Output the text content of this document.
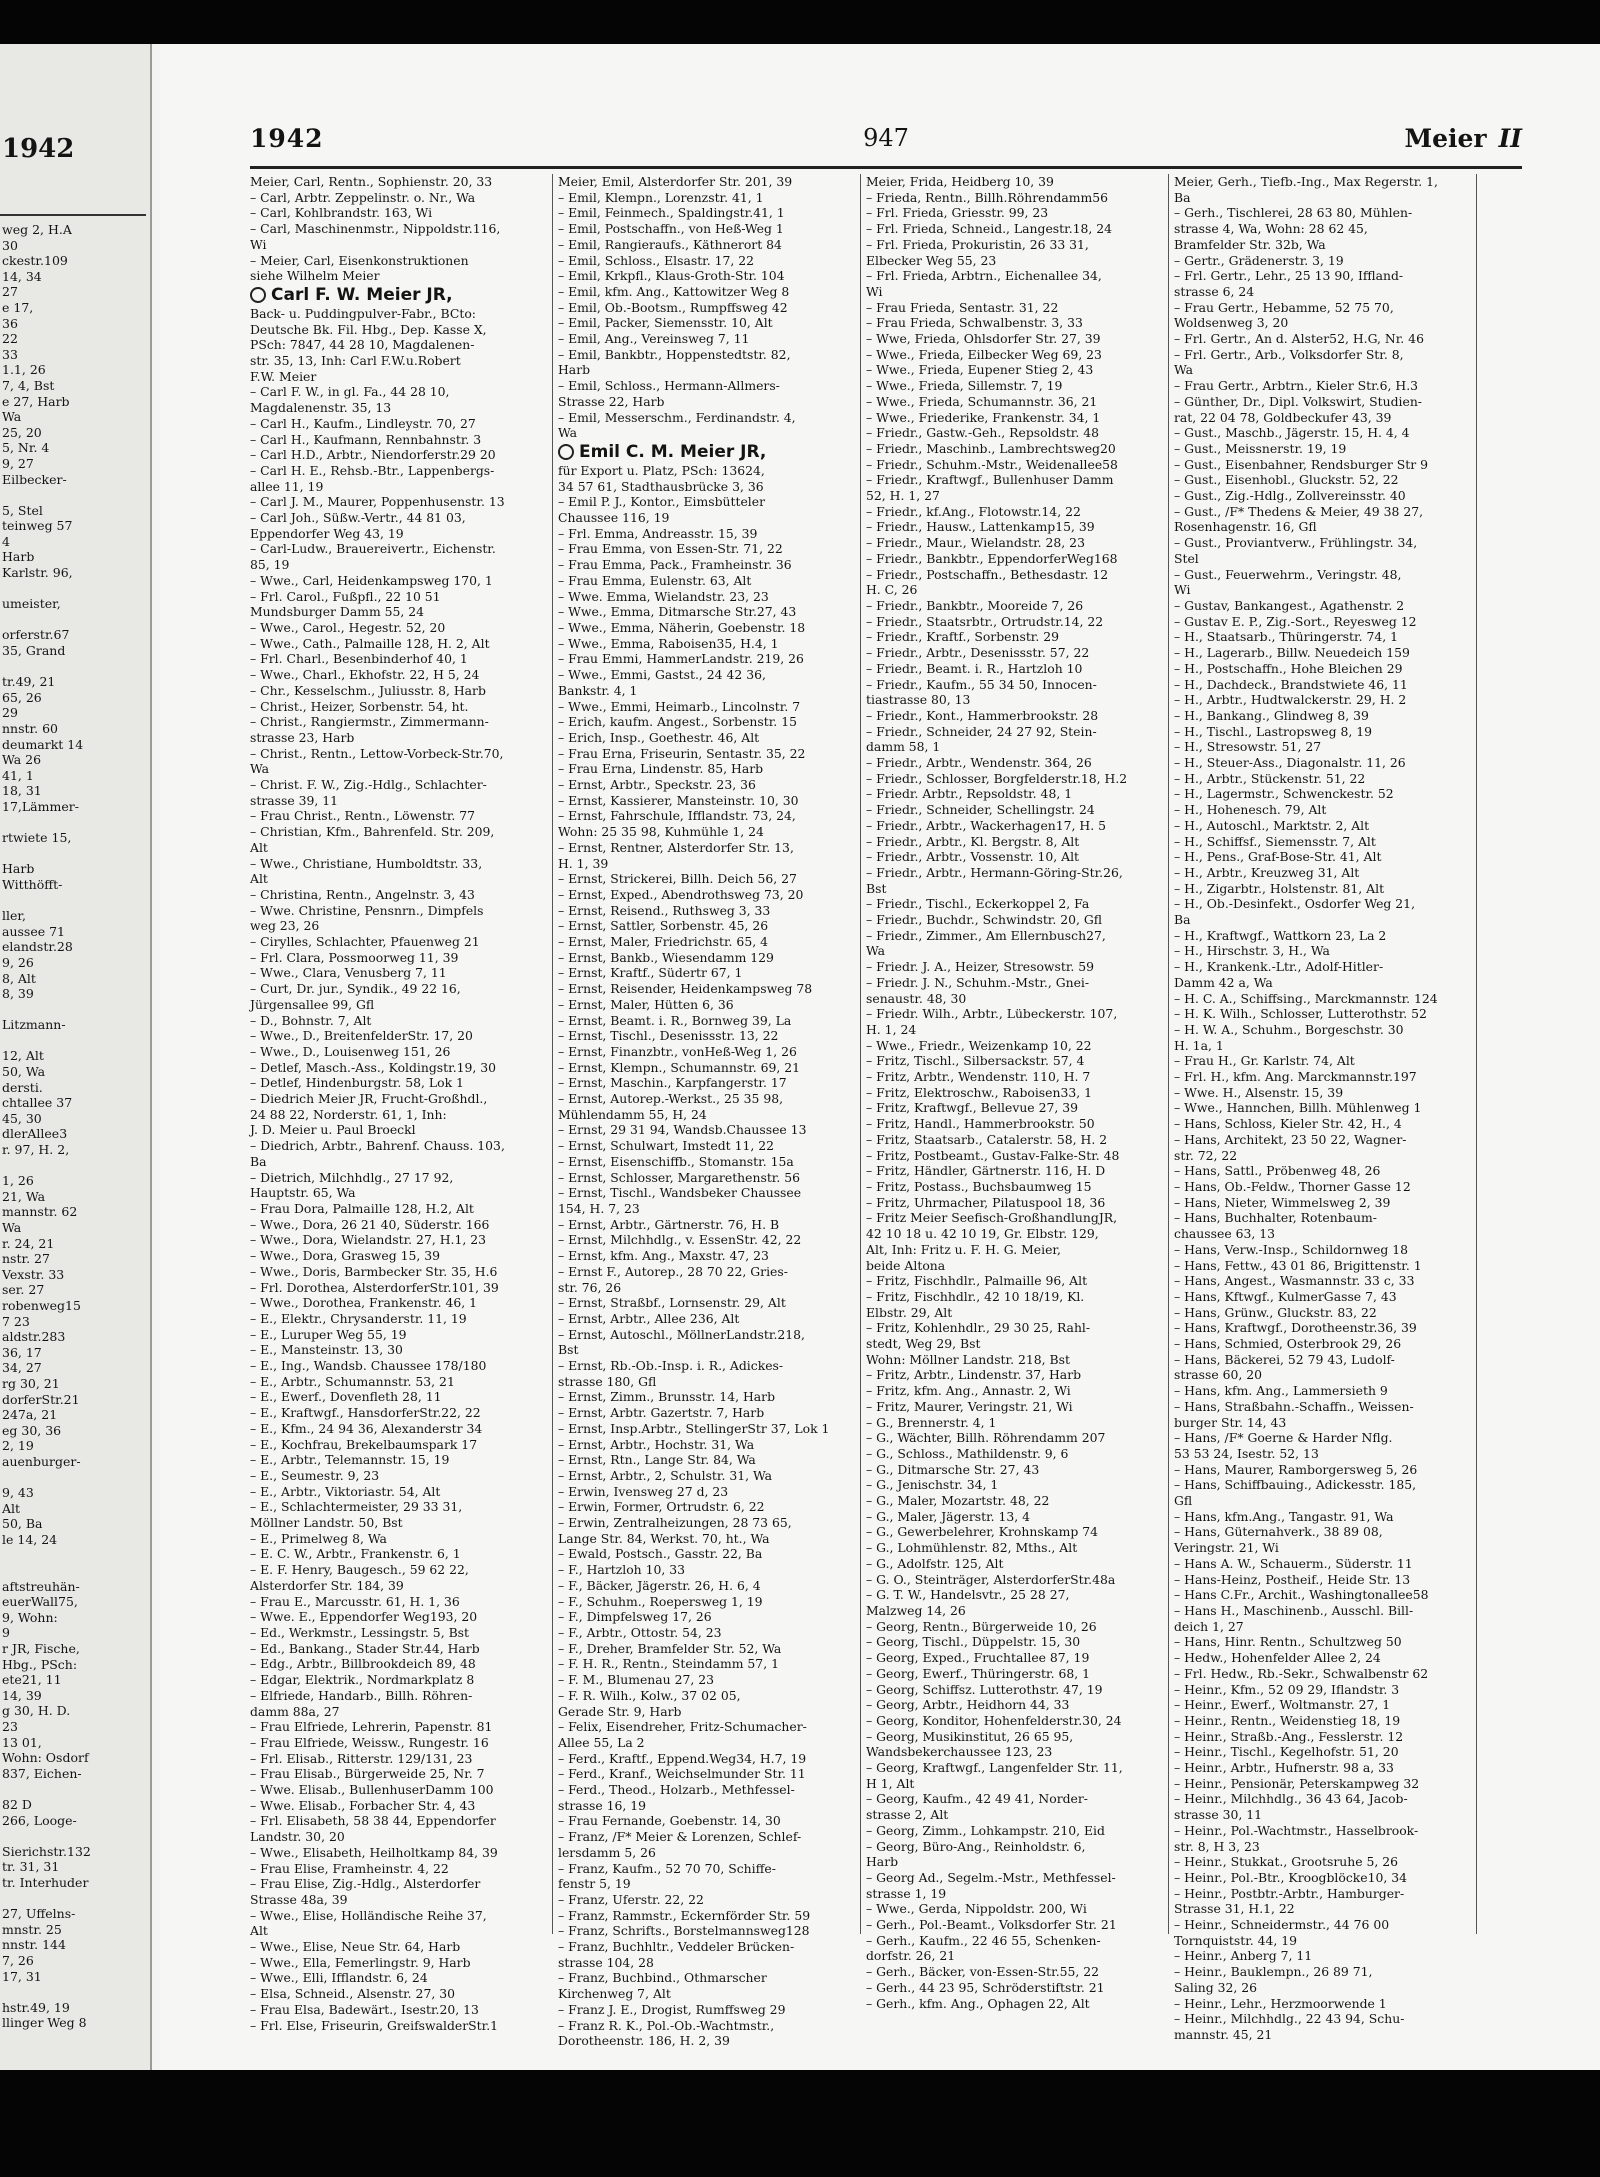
1942
weg 2, H.A
30
ckestr.109
14, 34
27
e 17,
36
22
33
1.1, 26
7, 4, Bst
e 27, Harb
Wa
25, 20
5, Nr. 4
9, 27
Eilbecker-

5, Stel
teinweg 57
4
Harb
Karlstr. 96,

umeister,

orferstr.67
35, Grand

tr.49, 21
65, 26
29
nnstr. 60
deumarkt 14
Wa 26
41, 1
18, 31
17,Lämmer-

rtwiete 15,

Harb
Witthöfft-

ller,
aussee 71
elandstr.28
9, 26
8, Alt
8, 39

Litzmann-

12, Alt
50, Wa
dersti.
chtallee 37
45, 30
dlerAllee3
r. 97, H. 2,

1, 26
21, Wa
mannstr. 62
Wa
r. 24, 21
nstr. 27
Vexstr. 33
ser. 27
robenweg15
7 23
aldstr.283
36, 17
34, 27
rg 30, 21
dorferStr.21
247a, 21
eg 30, 36
2, 19
auenburger-

9, 43
Alt
50, Ba
le 14, 24

aftstreuhän-
euerWall75,
9, Wohn:
9
r JR, Fische,
Hbg., PSch:
ete21, 11
14, 39
g 30, H. D.
23
13 01,
Wohn: Osdorf
837, Eichen-

82 D
266, Looge-

Sierichstr.132
tr. 31, 31
tr. Interhuder

27, Uffelns-
mnstr. 25
nnstr. 144
7, 26
17, 31

hstr.49, 19
llinger Weg 8
1942	947	Meier II
Meier, Carl, Rentn., Sophienstr. 20, 33
– Carl, Arbtr. Zeppelinstr. o. Nr., Wa
– Carl, Kohlbrandstr. 163, Wi
– Carl, Maschinenmstr., Nippoldstr.116,
Wi
– Meier, Carl, Eisenkonstruktionen
siehe Wilhelm Meier
Carl F. W. Meier JR,
Back- u. Puddingpulver-Fabr., BCto:
Deutsche Bk. Fil. Hbg., Dep. Kasse X,
PSch: 7847, 44 28 10, Magdalenen-
str. 35, 13, Inh: Carl F.W.u.Robert
F.W. Meier
– Carl F. W., in gl. Fa., 44 28 10,
Magdalenenstr. 35, 13
– Carl H., Kaufm., Lindleystr. 70, 27
– Carl H., Kaufmann, Rennbahnstr. 3
– Carl H.D., Arbtr., Niendorferstr.29 20
– Carl H. E., Rehsb.-Btr., Lappenbergs-
allee 11, 19
– Carl J. M., Maurer, Poppenhusenstr. 13
– Carl Joh., Süßw.-Vertr., 44 81 03,
Eppendorfer Weg 43, 19
– Carl-Ludw., Brauereivertr., Eichenstr.
85, 19
– Wwe., Carl, Heidenkampsweg 170, 1
– Frl. Carol., Fußpfl., 22 10 51
Mundsburger Damm 55, 24
– Wwe., Carol., Hegestr. 52, 20
– Wwe., Cath., Palmaille 128, H. 2, Alt
– Frl. Charl., Besenbinderhof 40, 1
– Wwe., Charl., Ekhofstr. 22, H 5, 24
– Chr., Kesselschm., Juliusstr. 8, Harb
– Christ., Heizer, Sorbenstr. 54, ht.
– Christ., Rangiermstr., Zimmermann-
strasse 23, Harb
– Christ., Rentn., Lettow-Vorbeck-Str.70,
Wa
– Christ. F. W., Zig.-Hdlg., Schlachter-
strasse 39, 11
– Frau Christ., Rentn., Löwenstr. 77
– Christian, Kfm., Bahrenfeld. Str. 209,
Alt
– Wwe., Christiane, Humboldtstr. 33,
Alt
– Christina, Rentn., Angelnstr. 3, 43
– Wwe. Christine, Pensnrn., Dimpfels
weg 23, 26
– Cirylles, Schlachter, Pfauenweg 21
– Frl. Clara, Possmoorweg 11, 39
– Wwe., Clara, Venusberg 7, 11
– Curt, Dr. jur., Syndik., 49 22 16,
Jürgensallee 99, Gfl
– D., Bohnstr. 7, Alt
– Wwe., D., BreitenfelderStr. 17, 20
– Wwe., D., Louisenweg 151, 26
– Detlef, Masch.-Ass., Koldingstr.19, 30
– Detlef, Hindenburgstr. 58, Lok 1
– Diedrich Meier JR, Frucht-Großhdl.,
24 88 22, Norderstr. 61, 1, Inh:
J. D. Meier u. Paul Broeckl
– Diedrich, Arbtr., Bahrenf. Chauss. 103,
Ba
– Dietrich, Milchhdlg., 27 17 92,
Hauptstr. 65, Wa
– Frau Dora, Palmaille 128, H.2, Alt
– Wwe., Dora, 26 21 40, Süderstr. 166
– Wwe., Dora, Wielandstr. 27, H.1, 23
– Wwe., Dora, Grasweg 15, 39
– Wwe., Doris, Barmbecker Str. 35, H.6
– Frl. Dorothea, AlsterdorferStr.101, 39
– Wwe., Dorothea, Frankenstr. 46, 1
– E., Elektr., Chrysanderstr. 11, 19
– E., Luruper Weg 55, 19
– E., Mansteinstr. 13, 30
– E., Ing., Wandsb. Chaussee 178/180
– E., Arbtr., Schumannstr. 53, 21
– E., Ewerf., Dovenfleth 28, 11
– E., Kraftwgf., HansdorferStr.22, 22
– E., Kfm., 24 94 36, Alexanderstr 34
– E., Kochfrau, Brekelbaumspark 17
– E., Arbtr., Telemannstr. 15, 19
– E., Seumestr. 9, 23
– E., Arbtr., Viktoriastr. 54, Alt
– E., Schlachtermeister, 29 33 31,
Möllner Landstr. 50, Bst
– E., Primelweg 8, Wa
– E. C. W., Arbtr., Frankenstr. 6, 1
– E. F. Henry, Baugesch., 59 62 22,
Alsterdorfer Str. 184, 39
– Frau E., Marcusstr. 61, H. 1, 36
– Wwe. E., Eppendorfer Weg193, 20
– Ed., Werkmstr., Lessingstr. 5, Bst
– Ed., Bankang., Stader Str.44, Harb
– Edg., Arbtr., Billbrookdeich 89, 48
– Edgar, Elektrik., Nordmarkplatz 8
– Elfriede, Handarb., Billh. Röhren-
damm 88a, 27
– Frau Elfriede, Lehrerin, Papenstr. 81
– Frau Elfriede, Weissw., Rungestr. 16
– Frl. Elisab., Ritterstr. 129/131, 23
– Frau Elisab., Bürgerweide 25, Nr. 7
– Wwe. Elisab., BullenhuserDamm 100
– Wwe. Elisab., Forbacher Str. 4, 43
– Frl. Elisabeth, 58 38 44, Eppendorfer
Landstr. 30, 20
– Wwe., Elisabeth, Heilholtkamp 84, 39
– Frau Elise, Framheinstr. 4, 22
– Frau Elise, Zig.-Hdlg., Alsterdorfer
Strasse 48a, 39
– Wwe., Elise, Holländische Reihe 37,
Alt
– Wwe., Elise, Neue Str. 64, Harb
– Wwe., Ella, Femerlingstr. 9, Harb
– Wwe., Elli, Ifflandstr. 6, 24
– Elsa, Schneid., Alsenstr. 27, 30
– Frau Elsa, Badewärt., Isestr.20, 13
– Frl. Else, Friseurin, GreifswalderStr.1
Meier, Emil, Alsterdorfer Str. 201, 39
– Emil, Klempn., Lorenzstr. 41, 1
– Emil, Feinmech., Spaldingstr.41, 1
– Emil, Postschaffn., von Heß-Weg 1
– Emil, Rangieraufs., Käthnerort 84
– Emil, Schloss., Elsastr. 17, 22
– Emil, Krkpfl., Klaus-Groth-Str. 104
– Emil, kfm. Ang., Kattowitzer Weg 8
– Emil, Ob.-Bootsm., Rumpffsweg 42
– Emil, Packer, Siemensstr. 10, Alt
– Emil, Ang., Vereinsweg 7, 11
– Emil, Bankbtr., Hoppenstedtstr. 82,
Harb
– Emil, Schloss., Hermann-Allmers-
Strasse 22, Harb
– Emil, Messerschm., Ferdinandstr. 4,
Wa
Emil C. M. Meier JR,
für Export u. Platz, PSch: 13624,
34 57 61, Stadthausbrücke 3, 36
– Emil P. J., Kontor., Eimsbütteler
Chaussee 116, 19
– Frl. Emma, Andreasstr. 15, 39
– Frau Emma, von Essen-Str. 71, 22
– Frau Emma, Pack., Framheinstr. 36
– Frau Emma, Eulenstr. 63, Alt
– Wwe. Emma, Wielandstr. 23, 23
– Wwe., Emma, Ditmarsche Str.27, 43
– Wwe., Emma, Näherin, Goebenstr. 18
– Wwe., Emma, Raboisen35, H.4, 1
– Frau Emmi, HammerLandstr. 219, 26
– Wwe., Emmi, Gastst., 24 42 36,
Bankstr. 4, 1
– Wwe., Emmi, Heimarb., Lincolnstr. 7
– Erich, kaufm. Angest., Sorbenstr. 15
– Erich, Insp., Goethestr. 46, Alt
– Frau Erna, Friseurin, Sentastr. 35, 22
– Frau Erna, Lindenstr. 85, Harb
– Ernst, Arbtr., Speckstr. 23, 36
– Ernst, Kassierer, Mansteinstr. 10, 30
– Ernst, Fahrschule, Ifflandstr. 73, 24,
Wohn: 25 35 98, Kuhmühle 1, 24
– Ernst, Rentner, Alsterdorfer Str. 13,
H. 1, 39
– Ernst, Strickerei, Billh. Deich 56, 27
– Ernst, Exped., Abendrothsweg 73, 20
– Ernst, Reisend., Ruthsweg 3, 33
– Ernst, Sattler, Sorbenstr. 45, 26
– Ernst, Maler, Friedrichstr. 65, 4
– Ernst, Bankb., Wiesendamm 129
– Ernst, Kraftf., Südertr 67, 1
– Ernst, Reisender, Heidenkampsweg 78
– Ernst, Maler, Hütten 6, 36
– Ernst, Beamt. i. R., Bornweg 39, La
– Ernst, Tischl., Desenissstr. 13, 22
– Ernst, Finanzbtr., vonHeß-Weg 1, 26
– Ernst, Klempn., Schumannstr. 69, 21
– Ernst, Maschin., Karpfangerstr. 17
– Ernst, Autorep.-Werkst., 25 35 98,
Mühlendamm 55, H, 24
– Ernst, 29 31 94, Wandsb.Chaussee 13
– Ernst, Schulwart, Imstedt 11, 22
– Ernst, Eisenschiffb., Stomanstr. 15a
– Ernst, Schlosser, Margarethenstr. 56
– Ernst, Tischl., Wandsbeker Chaussee
154, H. 7, 23
– Ernst, Arbtr., Gärtnerstr. 76, H. B
– Ernst, Milchhdlg., v. EssenStr. 42, 22
– Ernst, kfm. Ang., Maxstr. 47, 23
– Ernst F., Autorep., 28 70 22, Gries-
str. 76, 26
– Ernst, Straßbf., Lornsenstr. 29, Alt
– Ernst, Arbtr., Allee 236, Alt
– Ernst, Autoschl., MöllnerLandstr.218,
Bst
– Ernst, Rb.-Ob.-Insp. i. R., Adickes-
strasse 180, Gfl
– Ernst, Zimm., Brunsstr. 14, Harb
– Ernst, Arbtr. Gazertstr. 7, Harb
– Ernst, Insp.Arbtr., StellingerStr 37, Lok 1
– Ernst, Arbtr., Hochstr. 31, Wa
– Ernst, Rtn., Lange Str. 84, Wa
– Ernst, Arbtr., 2, Schulstr. 31, Wa
– Erwin, Ivensweg 27 d, 23
– Erwin, Former, Ortrudstr. 6, 22
– Erwin, Zentralheizungen, 28 73 65,
Lange Str. 84, Werkst. 70, ht., Wa
– Ewald, Postsch., Gasstr. 22, Ba
– F., Hartzloh 10, 33
– F., Bäcker, Jägerstr. 26, H. 6, 4
– F., Schuhm., Roepersweg 1, 19
– F., Dimpfelsweg 17, 26
– F., Arbtr., Ottostr. 54, 23
– F., Dreher, Bramfelder Str. 52, Wa
– F. H. R., Rentn., Steindamm 57, 1
– F. M., Blumenau 27, 23
– F. R. Wilh., Kolw., 37 02 05,
Gerade Str. 9, Harb
– Felix, Eisendreher, Fritz-Schumacher-
Allee 55, La 2
– Ferd., Kraftf., Eppend.Weg34, H.7, 19
– Ferd., Kranf., Weichselmunder Str. 11
– Ferd., Theod., Holzarb., Methfessel-
strasse 16, 19
– Frau Fernande, Goebenstr. 14, 30
– Franz, /F* Meier & Lorenzen, Schlef-
lersdamm 5, 26
– Franz, Kaufm., 52 70 70, Schiffe-
fenstr 5, 19
– Franz, Uferstr. 22, 22
– Franz, Rammstr., Eckernförder Str. 59
– Franz, Schrifts., Borstelmannsweg128
– Franz, Buchhltr., Veddeler Brücken-
strasse 104, 28
– Franz, Buchbind., Othmarscher
Kirchenweg 7, Alt
– Franz J. E., Drogist, Rumffsweg 29
– Franz R. K., Pol.-Ob.-Wachtmstr.,
Dorotheenstr. 186, H. 2, 39
Meier, Frida, Heidberg 10, 39
– Frieda, Rentn., Billh.Röhrendamm56
– Frl. Frieda, Griesstr. 99, 23
– Frl. Frieda, Schneid., Langestr.18, 24
– Frl. Frieda, Prokuristin, 26 33 31,
Elbecker Weg 55, 23
– Frl. Frieda, Arbtrn., Eichenallee 34,
Wi
– Frau Frieda, Sentastr. 31, 22
– Frau Frieda, Schwalbenstr. 3, 33
– Wwe, Frieda, Ohlsdorfer Str. 27, 39
– Wwe., Frieda, Eilbecker Weg 69, 23
– Wwe., Frieda, Eupener Stieg 2, 43
– Wwe., Frieda, Sillemstr. 7, 19
– Wwe., Frieda, Schumannstr. 36, 21
– Wwe., Friederike, Frankenstr. 34, 1
– Friedr., Gastw.-Geh., Repsoldstr. 48
– Friedr., Maschinb., Lambrechtsweg20
– Friedr., Schuhm.-Mstr., Weidenallee58
– Friedr., Kraftwgf., Bullenhuser Damm
52, H. 1, 27
– Friedr., kf.Ang., Flotowstr.14, 22
– Friedr., Hausw., Lattenkamp15, 39
– Friedr., Maur., Wielandstr. 28, 23
– Friedr., Bankbtr., EppendorferWeg168
– Friedr., Postschaffn., Bethesdastr. 12
H. C, 26
– Friedr., Bankbtr., Mooreide 7, 26
– Friedr., Staatsrbtr., Ortrudstr.14, 22
– Friedr., Kraftf., Sorbenstr. 29
– Friedr., Arbtr., Desenissstr. 57, 22
– Friedr., Beamt. i. R., Hartzloh 10
– Friedr., Kaufm., 55 34 50, Innocen-
tiastrasse 80, 13
– Friedr., Kont., Hammerbrookstr. 28
– Friedr., Schneider, 24 27 92, Stein-
damm 58, 1
– Friedr., Arbtr., Wendenstr. 364, 26
– Friedr., Schlosser, Borgfelderstr.18, H.2
– Friedr. Arbtr., Repsoldstr. 48, 1
– Friedr., Schneider, Schellingstr. 24
– Friedr., Arbtr., Wackerhagen17, H. 5
– Friedr., Arbtr., Kl. Bergstr. 8, Alt
– Friedr., Arbtr., Vossenstr. 10, Alt
– Friedr., Arbtr., Hermann-Göring-Str.26,
Bst
– Friedr., Tischl., Eckerkoppel 2, Fa
– Friedr., Buchdr., Schwindstr. 20, Gfl
– Friedr., Zimmer., Am Ellernbusch27,
Wa
– Friedr. J. A., Heizer, Stresowstr. 59
– Friedr. J. N., Schuhm.-Mstr., Gnei-
senaustr. 48, 30
– Friedr. Wilh., Arbtr., Lübeckerstr. 107,
H. 1, 24
– Wwe., Friedr., Weizenkamp 10, 22
– Fritz, Tischl., Silbersackstr. 57, 4
– Fritz, Arbtr., Wendenstr. 110, H. 7
– Fritz, Elektroschw., Raboisen33, 1
– Fritz, Kraftwgf., Bellevue 27, 39
– Fritz, Handl., Hammerbrookstr. 50
– Fritz, Staatsarb., Catalerstr. 58, H. 2
– Fritz, Postbeamt., Gustav-Falke-Str. 48
– Fritz, Händler, Gärtnerstr. 116, H. D
– Fritz, Postass., Buchsbaumweg 15
– Fritz, Uhrmacher, Pilatuspool 18, 36
– Fritz Meier Seefisch-GroßhandlungJR,
42 10 18 u. 42 10 19, Gr. Elbstr. 129,
Alt, Inh: Fritz u. F. H. G. Meier,
beide Altona
– Fritz, Fischhdlr., Palmaille 96, Alt
– Fritz, Fischhdlr., 42 10 18/19, Kl.
Elbstr. 29, Alt
– Fritz, Kohlenhdlr., 29 30 25, Rahl-
stedt, Weg 29, Bst
Wohn: Möllner Landstr. 218, Bst
– Fritz, Arbtr., Lindenstr. 37, Harb
– Fritz, kfm. Ang., Annastr. 2, Wi
– Fritz, Maurer, Veringstr. 21, Wi
– G., Brennerstr. 4, 1
– G., Wächter, Billh. Röhrendamm 207
– G., Schloss., Mathildenstr. 9, 6
– G., Ditmarsche Str. 27, 43
– G., Jenischstr. 34, 1
– G., Maler, Mozartstr. 48, 22
– G., Maler, Jägerstr. 13, 4
– G., Gewerbelehrer, Krohnskamp 74
– G., Lohmühlenstr. 82, Mths., Alt
– G., Adolfstr. 125, Alt
– G. O., Steinträger, AlsterdorferStr.48a
– G. T. W., Handelsvtr., 25 28 27,
Malzweg 14, 26
– Georg, Rentn., Bürgerweide 10, 26
– Georg, Tischl., Düppelstr. 15, 30
– Georg, Exped., Fruchtallee 87, 19
– Georg, Ewerf., Thüringerstr. 68, 1
– Georg, Schiffsz. Lutterothstr. 47, 19
– Georg, Arbtr., Heidhorn 44, 33
– Georg, Konditor, Hohenfelderstr.30, 24
– Georg, Musikinstitut, 26 65 95,
Wandsbekerchaussee 123, 23
– Georg, Kraftwgf., Langenfelder Str. 11,
H 1, Alt
– Georg, Kaufm., 42 49 41, Norder-
strasse 2, Alt
– Georg, Zimm., Lohkampstr. 210, Eid
– Georg, Büro-Ang., Reinholdstr. 6,
Harb
– Georg Ad., Segelm.-Mstr., Methfessel-
strasse 1, 19
– Wwe., Gerda, Nippoldstr. 200, Wi
– Gerh., Pol.-Beamt., Volksdorfer Str. 21
– Gerh., Kaufm., 22 46 55, Schenken-
dorfstr. 26, 21
– Gerh., Bäcker, von-Essen-Str.55, 22
– Gerh., 44 23 95, Schröderstiftstr. 21
– Gerh., kfm. Ang., Ophagen 22, Alt
Meier, Gerh., Tiefb.-Ing., Max Regerstr. 1,
Ba
– Gerh., Tischlerei, 28 63 80, Mühlen-
strasse 4, Wa, Wohn: 28 62 45,
Bramfelder Str. 32b, Wa
– Gertr., Grädenerstr. 3, 19
– Frl. Gertr., Lehr., 25 13 90, Iffland-
strasse 6, 24
– Frau Gertr., Hebamme, 52 75 70,
Woldsenweg 3, 20
– Frl. Gertr., An d. Alster52, H.G, Nr. 46
– Frl. Gertr., Arb., Volksdorfer Str. 8,
Wa
– Frau Gertr., Arbtrn., Kieler Str.6, H.3
– Günther, Dr., Dipl. Volkswirt, Studien-
rat, 22 04 78, Goldbeckufer 43, 39
– Gust., Maschb., Jägerstr. 15, H. 4, 4
– Gust., Meissnerstr. 19, 19
– Gust., Eisenbahner, Rendsburger Str 9
– Gust., Eisenhobl., Gluckstr. 52, 22
– Gust., Zig.-Hdlg., Zollvereinsstr. 40
– Gust., /F* Thedens & Meier, 49 38 27,
Rosenhagenstr. 16, Gfl
– Gust., Proviantverw., Frühlingstr. 34,
Stel
– Gust., Feuerwehrm., Veringstr. 48,
Wi
– Gustav, Bankangest., Agathenstr. 2
– Gustav E. P., Zig.-Sort., Reyesweg 12
– H., Staatsarb., Thüringerstr. 74, 1
– H., Lagerarb., Billw. Neuedeich 159
– H., Postschaffn., Hohe Bleichen 29
– H., Dachdeck., Brandstwiete 46, 11
– H., Arbtr., Hudtwalckerstr. 29, H. 2
– H., Bankang., Glindweg 8, 39
– H., Tischl., Lastropsweg 8, 19
– H., Stresowstr. 51, 27
– H., Steuer-Ass., Diagonalstr. 11, 26
– H., Arbtr., Stückenstr. 51, 22
– H., Lagermstr., Schwenckestr. 52
– H., Hohenesch. 79, Alt
– H., Autoschl., Marktstr. 2, Alt
– H., Schiffsf., Siemensstr. 7, Alt
– H., Pens., Graf-Bose-Str. 41, Alt
– H., Arbtr., Kreuzweg 31, Alt
– H., Zigarbtr., Holstenstr. 81, Alt
– H., Ob.-Desinfekt., Osdorfer Weg 21,
Ba
– H., Kraftwgf., Wattkorn 23, La 2
– H., Hirschstr. 3, H., Wa
– H., Krankenk.-Ltr., Adolf-Hitler-
Damm 42 a, Wa
– H. C. A., Schiffsing., Marckmannstr. 124
– H. K. Wilh., Schlosser, Lutterothstr. 52
– H. W. A., Schuhm., Borgeschstr. 30
H. 1a, 1
– Frau H., Gr. Karlstr. 74, Alt
– Frl. H., kfm. Ang. Marckmannstr.197
– Wwe. H., Alsenstr. 15, 39
– Wwe., Hannchen, Billh. Mühlenweg 1
– Hans, Schloss, Kieler Str. 42, H., 4
– Hans, Architekt, 23 50 22, Wagner-
str. 72, 22
– Hans, Sattl., Pröbenweg 48, 26
– Hans, Ob.-Feldw., Thorner Gasse 12
– Hans, Nieter, Wimmelsweg 2, 39
– Hans, Buchhalter, Rotenbaum-
chaussee 63, 13
– Hans, Verw.-Insp., Schildornweg 18
– Hans, Fettw., 43 01 86, Brigittenstr. 1
– Hans, Angest., Wasmannstr. 33 c, 33
– Hans, Kftwgf., KulmerGasse 7, 43
– Hans, Grünw., Gluckstr. 83, 22
– Hans, Kraftwgf., Dorotheenstr.36, 39
– Hans, Schmied, Osterbrook 29, 26
– Hans, Bäckerei, 52 79 43, Ludolf-
strasse 60, 20
– Hans, kfm. Ang., Lammersieth 9
– Hans, Straßbahn.-Schaffn., Weissen-
burger Str. 14, 43
– Hans, /F* Goerne & Harder Nflg.
53 53 24, Isestr. 52, 13
– Hans, Maurer, Ramborgersweg 5, 26
– Hans, Schiffbauing., Adickesstr. 185,
Gfl
– Hans, kfm.Ang., Tangastr. 91, Wa
– Hans, Güternahverk., 38 89 08,
Veringstr. 21, Wi
– Hans A. W., Schauerm., Süderstr. 11
– Hans-Heinz, Postheif., Heide Str. 13
– Hans C.Fr., Archit., Washingtonallee58
– Hans H., Maschinenb., Ausschl. Bill-
deich 1, 27
– Hans, Hinr. Rentn., Schultzweg 50
– Hedw., Hohenfelder Allee 2, 24
– Frl. Hedw., Rb.-Sekr., Schwalbenstr 62
– Heinr., Kfm., 52 09 29, Iflandstr. 3
– Heinr., Ewerf., Woltmanstr. 27, 1
– Heinr., Rentn., Weidenstieg 18, 19
– Heinr., Straßb.-Ang., Fesslerstr. 12
– Heinr., Tischl., Kegelhofstr. 51, 20
– Heinr., Arbtr., Hufnerstr. 98 a, 33
– Heinr., Pensionär, Peterskampweg 32
– Heinr., Milchhdlg., 36 43 64, Jacob-
strasse 30, 11
– Heinr., Pol.-Wachtmstr., Hasselbrook-
str. 8, H 3, 23
– Heinr., Stukkat., Grootsruhe 5, 26
– Heinr., Pol.-Btr., Kroogblöcke10, 34
– Heinr., Postbtr.-Arbtr., Hamburger-
Strasse 31, H.1, 22
– Heinr., Schneidermstr., 44 76 00
Tornquiststr. 44, 19
– Heinr., Anberg 7, 11
– Heinr., Bauklempn., 26 89 71,
Saling 32, 26
– Heinr., Lehr., Herzmoorwende 1
– Heinr., Milchhdlg., 22 43 94, Schu-
mannstr. 45, 21
